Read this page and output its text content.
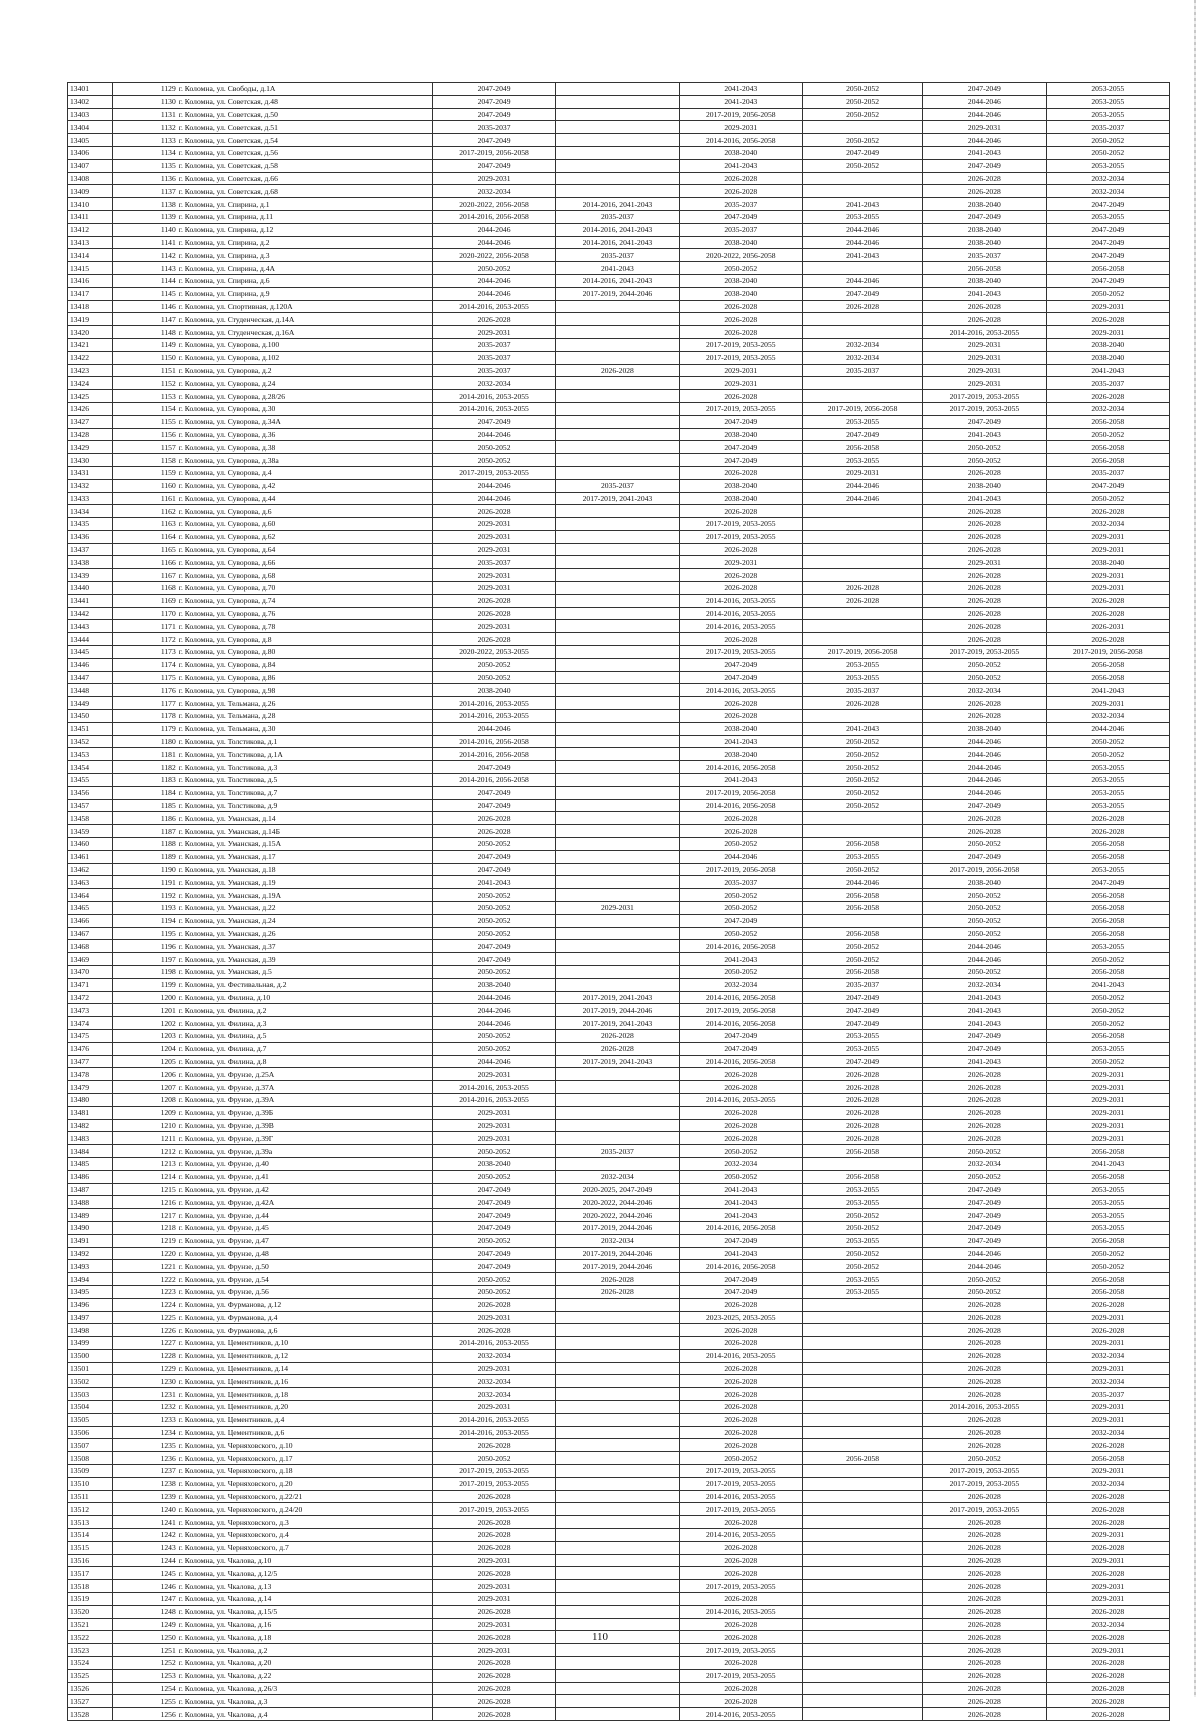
13401	1129	г. Коломна, ул. Свободы, д.1А	2047-2049		2041-2043	2050-2052	2047-2049	2053-2055
13402	1130	г. Коломна, ул. Советская, д.48	2047-2049		2041-2043	2050-2052	2044-2046	2053-2055
13403	1131	г. Коломна, ул. Советская, д.50	2047-2049		2017-2019, 2056-2058	2050-2052	2044-2046	2053-2055
13404	1132	г. Коломна, ул. Советская, д.51	2035-2037		2029-2031		2029-2031	2035-2037
13405	1133	г. Коломна, ул. Советская, д.54	2047-2049		2014-2016, 2056-2058	2050-2052	2044-2046	2050-2052
13406	1134	г. Коломна, ул. Советская, д.56	2017-2019, 2056-2058		2038-2040	2047-2049	2041-2043	2050-2052
13407	1135	г. Коломна, ул. Советская, д.58	2047-2049		2041-2043	2050-2052	2047-2049	2053-2055
13408	1136	г. Коломна, ул. Советская, д.66	2029-2031		2026-2028		2026-2028	2032-2034
13409	1137	г. Коломна, ул. Советская, д.68	2032-2034		2026-2028		2026-2028	2032-2034
13410	1138	г. Коломна, ул. Спирина, д.1	2020-2022, 2056-2058	2014-2016, 2041-2043	2035-2037	2041-2043	2038-2040	2047-2049
13411	1139	г. Коломна, ул. Спирина, д.11	2014-2016, 2056-2058	2035-2037	2047-2049	2053-2055	2047-2049	2053-2055
13412	1140	г. Коломна, ул. Спирина, д.12	2044-2046	2014-2016, 2041-2043	2035-2037	2044-2046	2038-2040	2047-2049
13413	1141	г. Коломна, ул. Спирина, д.2	2044-2046	2014-2016, 2041-2043	2038-2040	2044-2046	2038-2040	2047-2049
13414	1142	г. Коломна, ул. Спирина, д.3	2020-2022, 2056-2058	2035-2037	2020-2022, 2056-2058	2041-2043	2035-2037	2047-2049
13415	1143	г. Коломна, ул. Спирина, д.4А	2050-2052	2041-2043	2050-2052		2056-2058	2056-2058
13416	1144	г. Коломна, ул. Спирина, д.6	2044-2046	2014-2016, 2041-2043	2038-2040	2044-2046	2038-2040	2047-2049
13417	1145	г. Коломна, ул. Спирина, д.9	2044-2046	2017-2019, 2044-2046	2038-2040	2047-2049	2041-2043	2050-2052
13418	1146	г. Коломна, ул. Спортивная, д.120А	2014-2016, 2053-2055		2026-2028	2026-2028	2026-2028	2029-2031
13419	1147	г. Коломна, ул. Студенческая, д.14А	2026-2028		2026-2028		2026-2028	2026-2028
13420	1148	г. Коломна, ул. Студенческая, д.16А	2029-2031		2026-2028		2014-2016, 2053-2055	2029-2031
13421	1149	г. Коломна, ул. Суворова, д.100	2035-2037		2017-2019, 2053-2055	2032-2034	2029-2031	2038-2040
13422	1150	г. Коломна, ул. Суворова, д.102	2035-2037		2017-2019, 2053-2055	2032-2034	2029-2031	2038-2040
13423	1151	г. Коломна, ул. Суворова, д.2	2035-2037	2026-2028	2029-2031	2035-2037	2029-2031	2041-2043
13424	1152	г. Коломна, ул. Суворова, д.24	2032-2034		2029-2031		2029-2031	2035-2037
13425	1153	г. Коломна, ул. Суворова, д.28/26	2014-2016, 2053-2055		2026-2028		2017-2019, 2053-2055	2026-2028
13426	1154	г. Коломна, ул. Суворова, д.30	2014-2016, 2053-2055		2017-2019, 2053-2055	2017-2019, 2056-2058	2017-2019, 2053-2055	2032-2034
13427	1155	г. Коломна, ул. Суворова, д.34А	2047-2049		2047-2049	2053-2055	2047-2049	2056-2058
13428	1156	г. Коломна, ул. Суворова, д.36	2044-2046		2038-2040	2047-2049	2041-2043	2050-2052
13429	1157	г. Коломна, ул. Суворова, д.38	2050-2052		2047-2049	2056-2058	2050-2052	2056-2058
13430	1158	г. Коломна, ул. Суворова, д.38а	2050-2052		2047-2049	2053-2055	2050-2052	2056-2058
13431	1159	г. Коломна, ул. Суворова, д.4	2017-2019, 2053-2055		2026-2028	2029-2031	2026-2028	2035-2037
13432	1160	г. Коломна, ул. Суворова, д.42	2044-2046	2035-2037	2038-2040	2044-2046	2038-2040	2047-2049
13433	1161	г. Коломна, ул. Суворова, д.44	2044-2046	2017-2019, 2041-2043	2038-2040	2044-2046	2041-2043	2050-2052
13434	1162	г. Коломна, ул. Суворова, д.6	2026-2028		2026-2028		2026-2028	2026-2028
13435	1163	г. Коломна, ул. Суворова, д.60	2029-2031		2017-2019, 2053-2055		2026-2028	2032-2034
13436	1164	г. Коломна, ул. Суворова, д.62	2029-2031		2017-2019, 2053-2055		2026-2028	2029-2031
13437	1165	г. Коломна, ул. Суворова, д.64	2029-2031		2026-2028		2026-2028	2029-2031
13438	1166	г. Коломна, ул. Суворова, д.66	2035-2037		2029-2031		2029-2031	2038-2040
13439	1167	г. Коломна, ул. Суворова, д.68	2029-2031		2026-2028		2026-2028	2029-2031
13440	1168	г. Коломна, ул. Суворова, д.70	2029-2031		2026-2028	2026-2028	2026-2028	2029-2031
13441	1169	г. Коломна, ул. Суворова, д.74	2026-2028		2014-2016, 2053-2055	2026-2028	2026-2028	2026-2028
13442	1170	г. Коломна, ул. Суворова, д.76	2026-2028		2014-2016, 2053-2055		2026-2028	2026-2028
13443	1171	г. Коломна, ул. Суворова, д.78	2029-2031		2014-2016, 2053-2055		2026-2028	2026-2031
13444	1172	г. Коломна, ул. Суворова, д.8	2026-2028		2026-2028		2026-2028	2026-2028
13445	1173	г. Коломна, ул. Суворова, д.80	2020-2022, 2053-2055		2017-2019, 2053-2055	2017-2019, 2056-2058	2017-2019, 2053-2055	2017-2019, 2056-2058
13446	1174	г. Коломна, ул. Суворова, д.84	2050-2052		2047-2049	2053-2055	2050-2052	2056-2058
13447	1175	г. Коломна, ул. Суворова, д.86	2050-2052		2047-2049	2053-2055	2050-2052	2056-2058
13448	1176	г. Коломна, ул. Суворова, д.98	2038-2040		2014-2016, 2053-2055	2035-2037	2032-2034	2041-2043
13449	1177	г. Коломна, ул. Тельмана, д.26	2014-2016, 2053-2055		2026-2028	2026-2028	2026-2028	2029-2031
13450	1178	г. Коломна, ул. Тельмана, д.28	2014-2016, 2053-2055		2026-2028		2026-2028	2032-2034
13451	1179	г. Коломна, ул. Тельмана, д.30	2044-2046		2038-2040	2041-2043	2038-2040	2044-2046
13452	1180	г. Коломна, ул. Толстикова, д.1	2014-2016, 2056-2058		2041-2043	2050-2052	2044-2046	2050-2052
13453	1181	г. Коломна, ул. Толстикова, д.1А	2014-2016, 2056-2058		2038-2040	2050-2052	2044-2046	2050-2052
13454	1182	г. Коломна, ул. Толстикова, д.3	2047-2049		2014-2016, 2056-2058	2050-2052	2044-2046	2053-2055
13455	1183	г. Коломна, ул. Толстикова, д.5	2014-2016, 2056-2058		2041-2043	2050-2052	2044-2046	2053-2055
13456	1184	г. Коломна, ул. Толстикова, д.7	2047-2049		2017-2019, 2056-2058	2050-2052	2044-2046	2053-2055
13457	1185	г. Коломна, ул. Толстикова, д.9	2047-2049		2014-2016, 2056-2058	2050-2052	2047-2049	2053-2055
13458	1186	г. Коломна, ул. Уманская, д.14	2026-2028		2026-2028		2026-2028	2026-2028
13459	1187	г. Коломна, ул. Уманская, д.14Б	2026-2028		2026-2028		2026-2028	2026-2028
13460	1188	г. Коломна, ул. Уманская, д.15А	2050-2052		2050-2052	2056-2058	2050-2052	2056-2058
13461	1189	г. Коломна, ул. Уманская, д.17	2047-2049		2044-2046	2053-2055	2047-2049	2056-2058
13462	1190	г. Коломна, ул. Уманская, д.18	2047-2049		2017-2019, 2056-2058	2050-2052	2017-2019, 2056-2058	2053-2055
13463	1191	г. Коломна, ул. Уманская, д.19	2041-2043		2035-2037	2044-2046	2038-2040	2047-2049
13464	1192	г. Коломна, ул. Уманская, д.19А	2050-2052		2050-2052	2056-2058	2050-2052	2056-2058
13465	1193	г. Коломна, ул. Уманская, д.22	2050-2052	2029-2031	2050-2052	2056-2058	2050-2052	2056-2058
13466	1194	г. Коломна, ул. Уманская, д.24	2050-2052		2047-2049		2050-2052	2056-2058
13467	1195	г. Коломна, ул. Уманская, д.26	2050-2052		2050-2052	2056-2058	2050-2052	2056-2058
13468	1196	г. Коломна, ул. Уманская, д.37	2047-2049		2014-2016, 2056-2058	2050-2052	2044-2046	2053-2055
13469	1197	г. Коломна, ул. Уманская, д.39	2047-2049		2041-2043	2050-2052	2044-2046	2050-2052
13470	1198	г. Коломна, ул. Уманская, д.5	2050-2052		2050-2052	2056-2058	2050-2052	2056-2058
13471	1199	г. Коломна, ул. Фестивальная, д.2	2038-2040		2032-2034	2035-2037	2032-2034	2041-2043
13472	1200	г. Коломна, ул. Филина, д.10	2044-2046	2017-2019, 2041-2043	2014-2016, 2056-2058	2047-2049	2041-2043	2050-2052
13473	1201	г. Коломна, ул. Филина, д.2	2044-2046	2017-2019, 2044-2046	2017-2019, 2056-2058	2047-2049	2041-2043	2050-2052
13474	1202	г. Коломна, ул. Филина, д.3	2044-2046	2017-2019, 2041-2043	2014-2016, 2056-2058	2047-2049	2041-2043	2050-2052
13475	1203	г. Коломна, ул. Филина, д.5	2050-2052	2026-2028	2047-2049	2053-2055	2047-2049	2056-2058
13476	1204	г. Коломна, ул. Филина, д.7	2050-2052	2026-2028	2047-2049	2053-2055	2047-2049	2053-2055
13477	1205	г. Коломна, ул. Филина, д.8	2044-2046	2017-2019, 2041-2043	2014-2016, 2056-2058	2047-2049	2041-2043	2050-2052
13478	1206	г. Коломна, ул. Фрунзе, д.25А	2029-2031		2026-2028	2026-2028	2026-2028	2029-2031
13479	1207	г. Коломна, ул. Фрунзе, д.37А	2014-2016, 2053-2055		2026-2028	2026-2028	2026-2028	2029-2031
13480	1208	г. Коломна, ул. Фрунзе, д.39А	2014-2016, 2053-2055		2014-2016, 2053-2055	2026-2028	2026-2028	2029-2031
13481	1209	г. Коломна, ул. Фрунзе, д.39Б	2029-2031		2026-2028	2026-2028	2026-2028	2029-2031
13482	1210	г. Коломна, ул. Фрунзе, д.39В	2029-2031		2026-2028	2026-2028	2026-2028	2029-2031
13483	1211	г. Коломна, ул. Фрунзе, д.39Г	2029-2031		2026-2028	2026-2028	2026-2028	2029-2031
13484	1212	г. Коломна, ул. Фрунзе, д.39а	2050-2052	2035-2037	2050-2052	2056-2058	2050-2052	2056-2058
13485	1213	г. Коломна, ул. Фрунзе, д.40	2038-2040		2032-2034		2032-2034	2041-2043
13486	1214	г. Коломна, ул. Фрунзе, д.41	2050-2052	2032-2034	2050-2052	2056-2058	2050-2052	2056-2058
13487	1215	г. Коломна, ул. Фрунзе, д.42	2047-2049	2020-2025, 2047-2049	2041-2043	2053-2055	2047-2049	2053-2055
13488	1216	г. Коломна, ул. Фрунзе, д.42А	2047-2049	2020-2022, 2044-2046	2041-2043	2053-2055	2047-2049	2053-2055
13489	1217	г. Коломна, ул. Фрунзе, д.44	2047-2049	2020-2022, 2044-2046	2041-2043	2050-2052	2047-2049	2053-2055
13490	1218	г. Коломна, ул. Фрунзе, д.45	2047-2049	2017-2019, 2044-2046	2014-2016, 2056-2058	2050-2052	2047-2049	2053-2055
13491	1219	г. Коломна, ул. Фрунзе, д.47	2050-2052	2032-2034	2047-2049	2053-2055	2047-2049	2056-2058
13492	1220	г. Коломна, ул. Фрунзе, д.48	2047-2049	2017-2019, 2044-2046	2041-2043	2050-2052	2044-2046	2050-2052
13493	1221	г. Коломна, ул. Фрунзе, д.50	2047-2049	2017-2019, 2044-2046	2014-2016, 2056-2058	2050-2052	2044-2046	2050-2052
13494	1222	г. Коломна, ул. Фрунзе, д.54	2050-2052	2026-2028	2047-2049	2053-2055	2050-2052	2056-2058
13495	1223	г. Коломна, ул. Фрунзе, д.56	2050-2052	2026-2028	2047-2049	2053-2055	2050-2052	2056-2058
13496	1224	г. Коломна, ул. Фурманова, д.12	2026-2028		2026-2028		2026-2028	2026-2028
13497	1225	г. Коломна, ул. Фурманова, д.4	2029-2031		2023-2025, 2053-2055		2026-2028	2029-2031
13498	1226	г. Коломна, ул. Фурманова, д.6	2026-2028		2026-2028		2026-2028	2026-2028
13499	1227	г. Коломна, ул. Цементников, д.10	2014-2016, 2053-2055		2026-2028		2026-2028	2029-2031
13500	1228	г. Коломна, ул. Цементников, д.12	2032-2034		2014-2016, 2053-2055		2026-2028	2032-2034
13501	1229	г. Коломна, ул. Цементников, д.14	2029-2031		2026-2028		2026-2028	2029-2031
13502	1230	г. Коломна, ул. Цементников, д.16	2032-2034		2026-2028		2026-2028	2032-2034
13503	1231	г. Коломна, ул. Цементников, д.18	2032-2034		2026-2028		2026-2028	2035-2037
13504	1232	г. Коломна, ул. Цементников, д.20	2029-2031		2026-2028		2014-2016, 2053-2055	2029-2031
13505	1233	г. Коломна, ул. Цементников, д.4	2014-2016, 2053-2055		2026-2028		2026-2028	2029-2031
13506	1234	г. Коломна, ул. Цементников, д.6	2014-2016, 2053-2055		2026-2028		2026-2028	2032-2034
13507	1235	г. Коломна, ул. Черняховского, д.10	2026-2028		2026-2028		2026-2028	2026-2028
13508	1236	г. Коломна, ул. Черняховского, д.17	2050-2052		2050-2052	2056-2058	2050-2052	2056-2058
13509	1237	г. Коломна, ул. Черняховского, д.18	2017-2019, 2053-2055		2017-2019, 2053-2055		2017-2019, 2053-2055	2029-2031
13510	1238	г. Коломна, ул. Черняховского, д.20	2017-2019, 2053-2055		2017-2019, 2053-2055		2017-2019, 2053-2055	2032-2034
13511	1239	г. Коломна, ул. Черняховского, д.22/21	2026-2028		2014-2016, 2053-2055		2026-2028	2026-2028
13512	1240	г. Коломна, ул. Черняховского, д.24/20	2017-2019, 2053-2055		2017-2019, 2053-2055		2017-2019, 2053-2055	2026-2028
13513	1241	г. Коломна, ул. Черняховского, д.3	2026-2028		2026-2028		2026-2028	2026-2028
13514	1242	г. Коломна, ул. Черняховского, д.4	2026-2028		2014-2016, 2053-2055		2026-2028	2029-2031
13515	1243	г. Коломна, ул. Черняховского, д.7	2026-2028		2026-2028		2026-2028	2026-2028
13516	1244	г. Коломна, ул. Чкалова, д.10	2029-2031		2026-2028		2026-2028	2029-2031
13517	1245	г. Коломна, ул. Чкалова, д.12/5	2026-2028		2026-2028		2026-2028	2026-2028
13518	1246	г. Коломна, ул. Чкалова, д.13	2029-2031		2017-2019, 2053-2055		2026-2028	2029-2031
13519	1247	г. Коломна, ул. Чкалова, д.14	2029-2031		2026-2028		2026-2028	2029-2031
13520	1248	г. Коломна, ул. Чкалова, д.15/5	2026-2028		2014-2016, 2053-2055		2026-2028	2026-2028
13521	1249	г. Коломна, ул. Чкалова, д.16	2029-2031		2026-2028		2026-2028	2032-2034
13522	1250	г. Коломна, ул. Чкалова, д.18	2026-2028		2026-2028		2026-2028	2026-2028
13523	1251	г. Коломна, ул. Чкалова, д.2	2029-2031		2017-2019, 2053-2055		2026-2028	2029-2031
13524	1252	г. Коломна, ул. Чкалова, д.20	2026-2028		2026-2028		2026-2028	2026-2028
13525	1253	г. Коломна, ул. Чкалова, д.22	2026-2028		2017-2019, 2053-2055		2026-2028	2026-2028
13526	1254	г. Коломна, ул. Чкалова, д.26/3	2026-2028		2026-2028		2026-2028	2026-2028
13527	1255	г. Коломна, ул. Чкалова, д.3	2026-2028		2026-2028		2026-2028	2026-2028
13528	1256	г. Коломна, ул. Чкалова, д.4	2026-2028		2014-2016, 2053-2055		2026-2028	2026-2028
110
